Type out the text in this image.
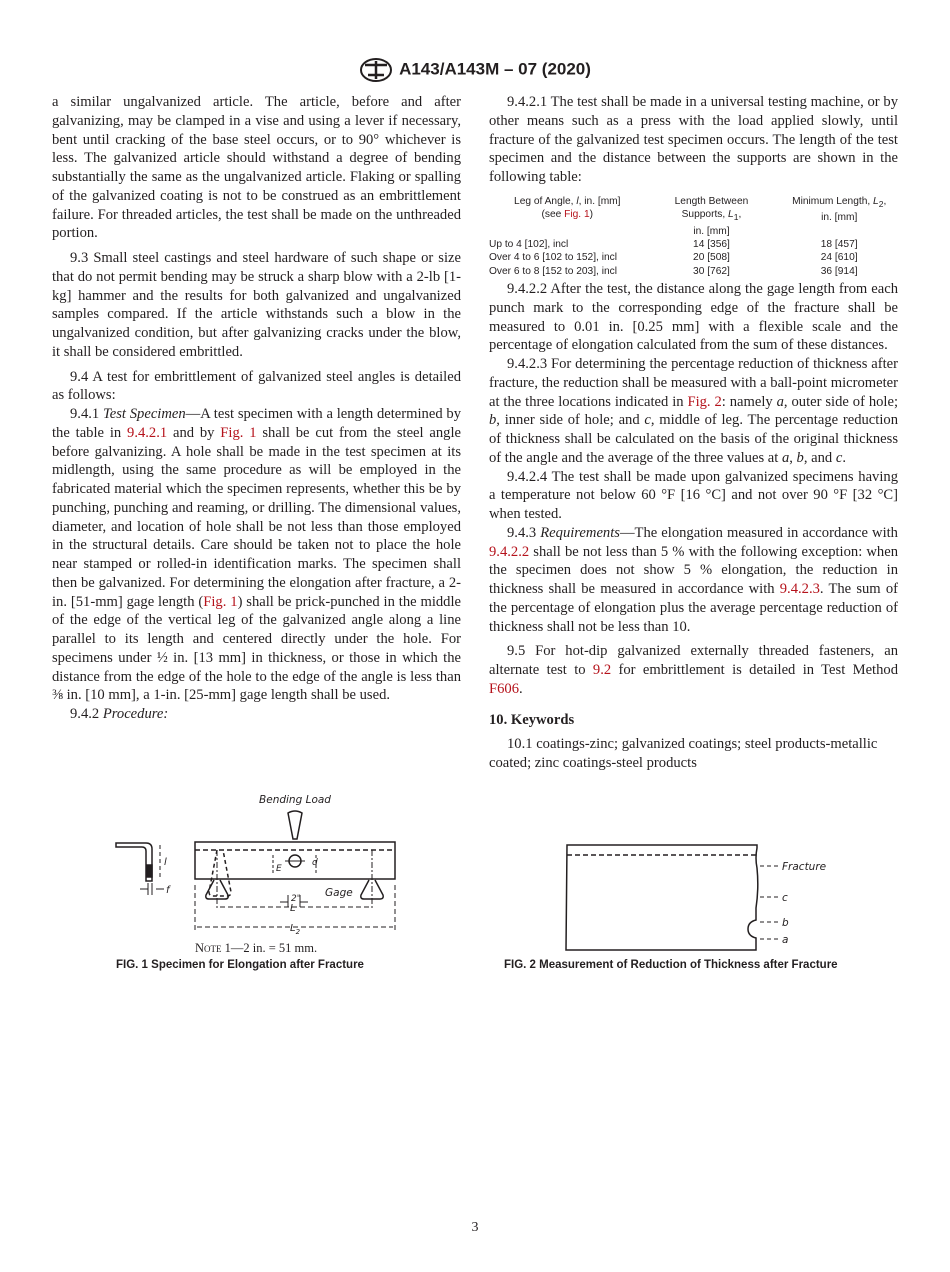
A143/A143M – 07 (2020)

a similar ungalvanized article. The article, before and after galvanizing, may be clamped in a vise and using a lever if necessary, bent until cracking of the base steel occurs, or to 90° whichever is less. The galvanized article should withstand a degree of bending substantially the same as the ungalvanized article. Flaking or spalling of the galvanized coating is not to be construed as an embrittlement failure. For threaded articles, the test shall be made on the unthreaded portion.

9.3 Small steel castings and steel hardware of such shape or size that do not permit bending may be struck a sharp blow with a 2-lb [1-kg] hammer and the results for both galvanized and ungalvanized samples compared. If the article withstands such a blow in the ungalvanized condition, but after galvanizing cracks under the blow, it shall be considered embrittled.

9.4 A test for embrittlement of galvanized steel angles is detailed as follows:

9.4.1 Test Specimen—A test specimen with a length determined by the table in 9.4.2.1 and by Fig. 1 shall be cut from the steel angle before galvanizing. A hole shall be made in the test specimen at its midlength, using the same procedure as will be employed in the fabricated material which the specimen represents, whether this be by punching, punching and reaming, or drilling. The dimensional values, diameter, and location of hole shall be not less than those employed in the structural details. Care should be taken not to place the hole near stamped or rolled-in identification marks. The specimen shall then be galvanized. For determining the elongation after fracture, a 2-in. [51-mm] gage length (Fig. 1) shall be prick-punched in the middle of the edge of the vertical leg of the galvanized angle along a line parallel to its length and centered directly under the hole. For specimens under ½ in. [13 mm] in thickness, or those in which the distance from the edge of the hole to the edge of the angle is less than ⅜ in. [10 mm], a 1-in. [25-mm] gage length shall be used.

9.4.2 Procedure:

9.4.2.1 The test shall be made in a universal testing machine, or by other means such as a press with the load applied slowly, until fracture of the galvanized test specimen occurs. The length of the test specimen and the distance between the supports are shown in the following table:

Leg of Angle, l, in. [mm]
(see Fig. 1)	Length Between
Supports, $L_1$,
in. [mm]	Minimum Length, $L_2$,
in. [mm]
Up to 4 [102], incl	14 [356]	18 [457]
Over 4 to 6 [102 to 152], incl	20 [508]	24 [610]
Over 6 to 8 [152 to 203], incl	30 [762]	36 [914]

9.4.2.2 After the test, the distance along the gage length from each punch mark to the corresponding edge of the fracture shall be measured to 0.01 in. [0.25 mm] with a flexible scale and the percentage of elongation calculated from the sum of these distances.

9.4.2.3 For determining the percentage reduction of thickness after fracture, the reduction shall be measured with a ball-point micrometer at the three locations indicated in Fig. 2: namely a, outer side of hole; b, inner side of hole; and c, middle of leg. The percentage reduction of thickness shall be calculated on the basis of the original thickness of the angle and the average of the three values at a, b, and c.

9.4.2.4 The test shall be made upon galvanized specimens having a temperature not below 60 °F [16 °C] and not over 90 °F [32 °C] when tested.

9.4.3 Requirements—The elongation measured in accordance with 9.4.2.2 shall be not less than 5 % with the following exception: when the specimen does not show 5 % elongation, the reduction in thickness shall be measured in accordance with 9.4.2.3. The sum of the percentage of elongation plus the average percentage reduction of thickness shall not be less than 10.

9.5 For hot-dip galvanized externally threaded fasteners, an alternate test to 9.2 for embrittlement is detailed in Test Method F606.

10. Keywords

10.1 coatings-zinc; galvanized coatings; steel products-metallic coated; zinc coatings-steel products

Bending Load
l
f
E
d
2" Gage
L
$L_2$
Note 1—2 in. = 51 mm.
FIG. 1 Specimen for Elongation after Fracture
Fracture
c
b
a
FIG. 2 Measurement of Reduction of Thickness after Fracture
3
